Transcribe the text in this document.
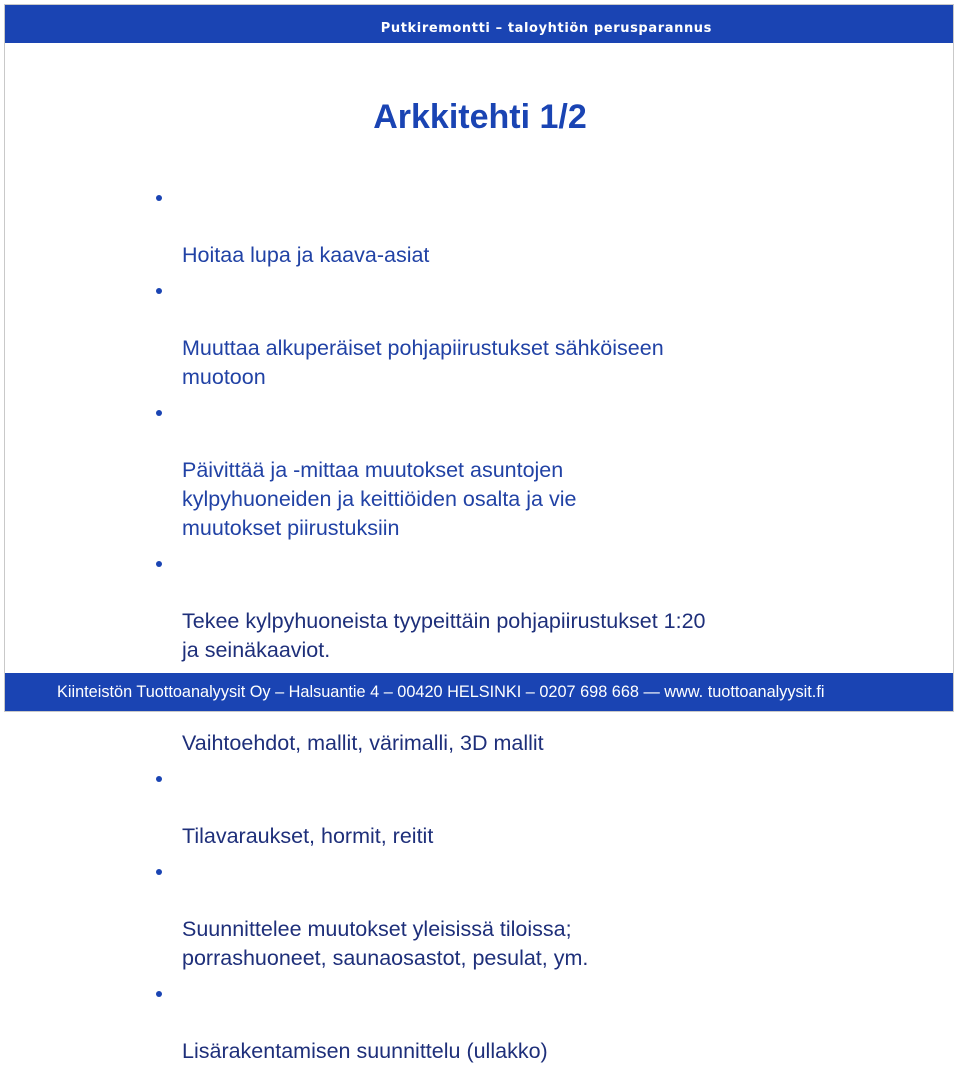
Putkiremontti – taloyhtiön perusparannus
Arkkitehti 1/2

Hoitaa lupa ja kaava-asiat

Muuttaa alkuperäiset pohjapiirustukset sähköiseen
muotoon

Päivittää ja -mittaa muutokset asuntojen
kylpyhuoneiden ja keittiöiden osalta ja vie
muutokset piirustuksiin

Tekee kylpyhuoneista tyypeittäin pohjapiirustukset 1:20
ja seinäkaaviot.

Vaihtoehdot, mallit, värimalli, 3D mallit

Tilavaraukset, hormit, reitit

Suunnittelee muutokset yleisissä tiloissa;
porrashuoneet, saunaosastot, pesulat, ym.

Lisärakentamisen suunnittelu (ullakko)

Kiinteistön Tuottoanalyysit Oy – Halsuantie 4 – 00420 HELSINKI – 0207 698 668 — www. tuottoanalyysit.fi
